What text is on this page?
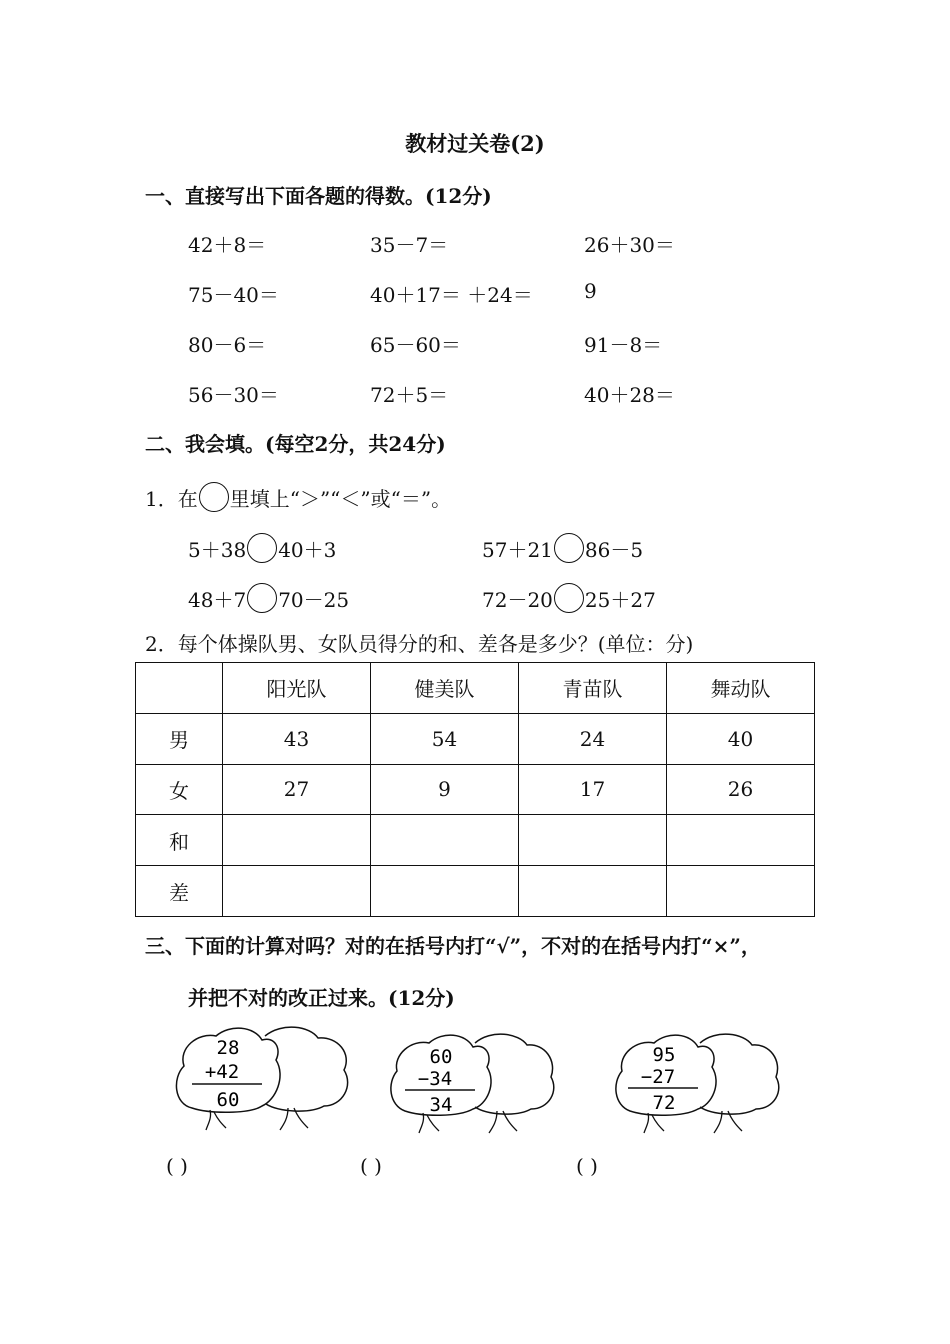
教材过关卷(2)
一、直接写出下面各题的得数。(12分)
42＋8＝	35－7＝	26＋30＝
75－40＝	40＋17＝ ＋24＝	9
80－6＝	65－60＝	91－8＝
56－30＝	72＋5＝	40＋28＝
二、我会填。(每空2分，共24分)
1．在 里填上“＞”“＜”或“＝”。
5＋38 40＋3	57＋21 86－5
48＋7 70－25	72－20 25＋27
2．每个体操队男、女队员得分的和、差各是多少？(单位：分)
	阳光队	健美队	青苗队	舞动队
男	43	54	24	40
女	27	9	17	26
和				
差				
三、下面的计算对吗？对的在括号内打“√”，不对的在括号内打“×”，
并把不对的改正过来。(12分)
28
+42
60
60
−34
34
95
−27
72
( )	( )	( )
